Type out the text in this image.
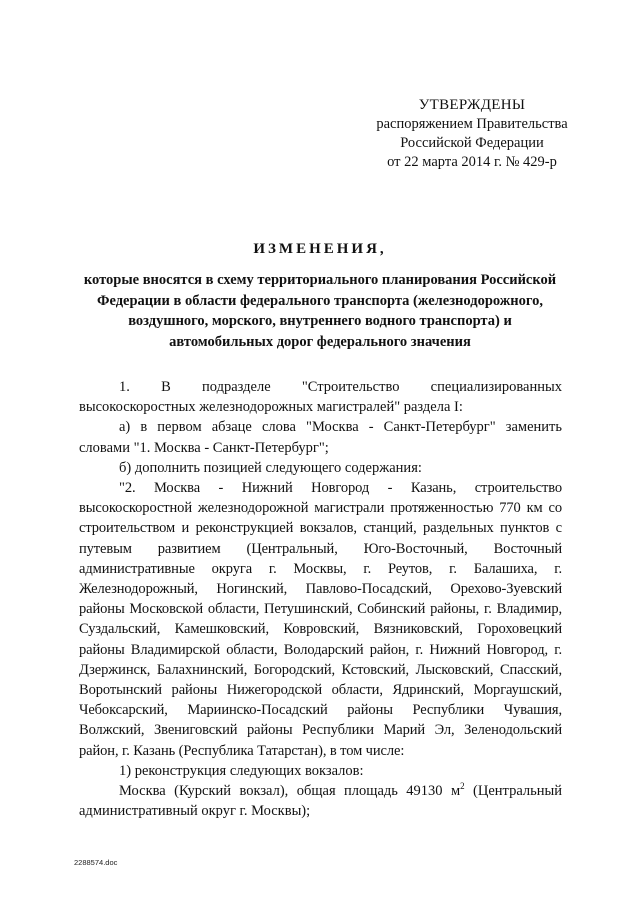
УТВЕРЖДЕНЫ
распоряжением Правительства
Российской Федерации
от 22 марта 2014 г. № 429-р
ИЗМЕНЕНИЯ,
которые вносятся в схему территориального планирования Российской Федерации в области федерального транспорта (железнодорожного, воздушного, морского, внутреннего водного транспорта) и автомобильных дорог федерального значения

1. В подразделе "Строительство специализированных высокоскоростных железнодорожных магистралей" раздела I:

а) в первом абзаце слова "Москва - Санкт-Петербург" заменить словами "1. Москва - Санкт-Петербург";

б) дополнить позицией следующего содержания:

"2. Москва - Нижний Новгород - Казань, строительство высокоскоростной железнодорожной магистрали протяженностью 770 км со строительством и реконструкцией вокзалов, станций, раздельных пунктов с путевым развитием (Центральный, Юго-Восточный, Восточный административные округа г. Москвы, г. Реутов, г. Балашиха, г. Железнодорожный, Ногинский, Павлово-Посадский, Орехово-Зуевский районы Московской области, Петушинский, Собинский районы, г. Владимир, Суздальский, Камешковский, Ковровский, Вязниковский, Гороховецкий районы Владимирской области, Володарский район, г. Нижний Новгород, г. Дзержинск, Балахнинский, Богородский, Кстовский, Лысковский, Спасский, Воротынский районы Нижегородской области, Ядринский, Моргаушский, Чебоксарский, Мариинско-Посадский районы Республики Чувашия, Волжский, Звениговский районы Республики Марий Эл, Зеленодольский район, г. Казань (Республика Татарстан), в том числе:

1) реконструкция следующих вокзалов:

Москва (Курский вокзал), общая площадь 49130 $м^2$ (Центральный административный округ г. Москвы);

2288574.doc
